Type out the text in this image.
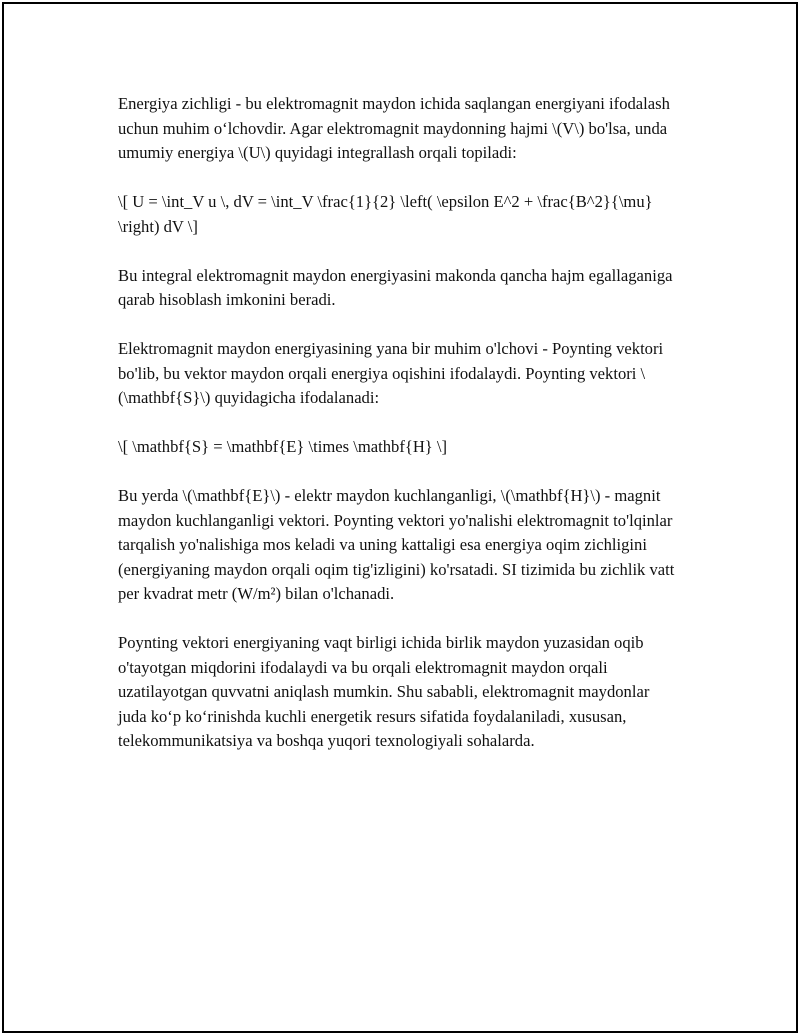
Energiya zichligi - bu elektromagnit maydon ichida saqlangan energiyani ifodalash uchun muhim o‘lchovdir. Agar elektromagnit maydonning hajmi \(V\) bo'lsa, unda umumiy energiya \(U\) quyidagi integrallash orqali topiladi:

\[ U = \int_V u \, dV = \int_V \frac{1}{2} \left( \epsilon E^2 + \frac{B^2}{\mu} \right) dV \]

Bu integral elektromagnit maydon energiyasini makonda qancha hajm egallaganiga qarab hisoblash imkonini beradi.

Elektromagnit maydon energiyasining yana bir muhim o'lchovi - Poynting vektori bo'lib, bu vektor maydon orqali energiya oqishini ifodalaydi. Poynting vektori \(\mathbf{S}\) quyidagicha ifodalanadi:

\[ \mathbf{S} = \mathbf{E} \times \mathbf{H} \]

Bu yerda \(\mathbf{E}\) - elektr maydon kuchlanganligi, \(\mathbf{H}\) - magnit maydon kuchlanganligi vektori. Poynting vektori yo'nalishi elektromagnit to'lqinlar tarqalish yo'nalishiga mos keladi va uning kattaligi esa energiya oqim zichligini (energiyaning maydon orqali oqim tig'izligini) ko'rsatadi. SI tizimida bu zichlik vatt per kvadrat metr (W/m²) bilan o'lchanadi.

Poynting vektori energiyaning vaqt birligi ichida birlik maydon yuzasidan oqib o'tayotgan miqdorini ifodalaydi va bu orqali elektromagnit maydon orqali uzatilayotgan quvvatni aniqlash mumkin. Shu sababli, elektromagnit maydonlar juda ko‘p ko‘rinishda kuchli energetik resurs sifatida foydalaniladi, xususan, telekommunikatsiya va boshqa yuqori texnologiyali sohalarda.
